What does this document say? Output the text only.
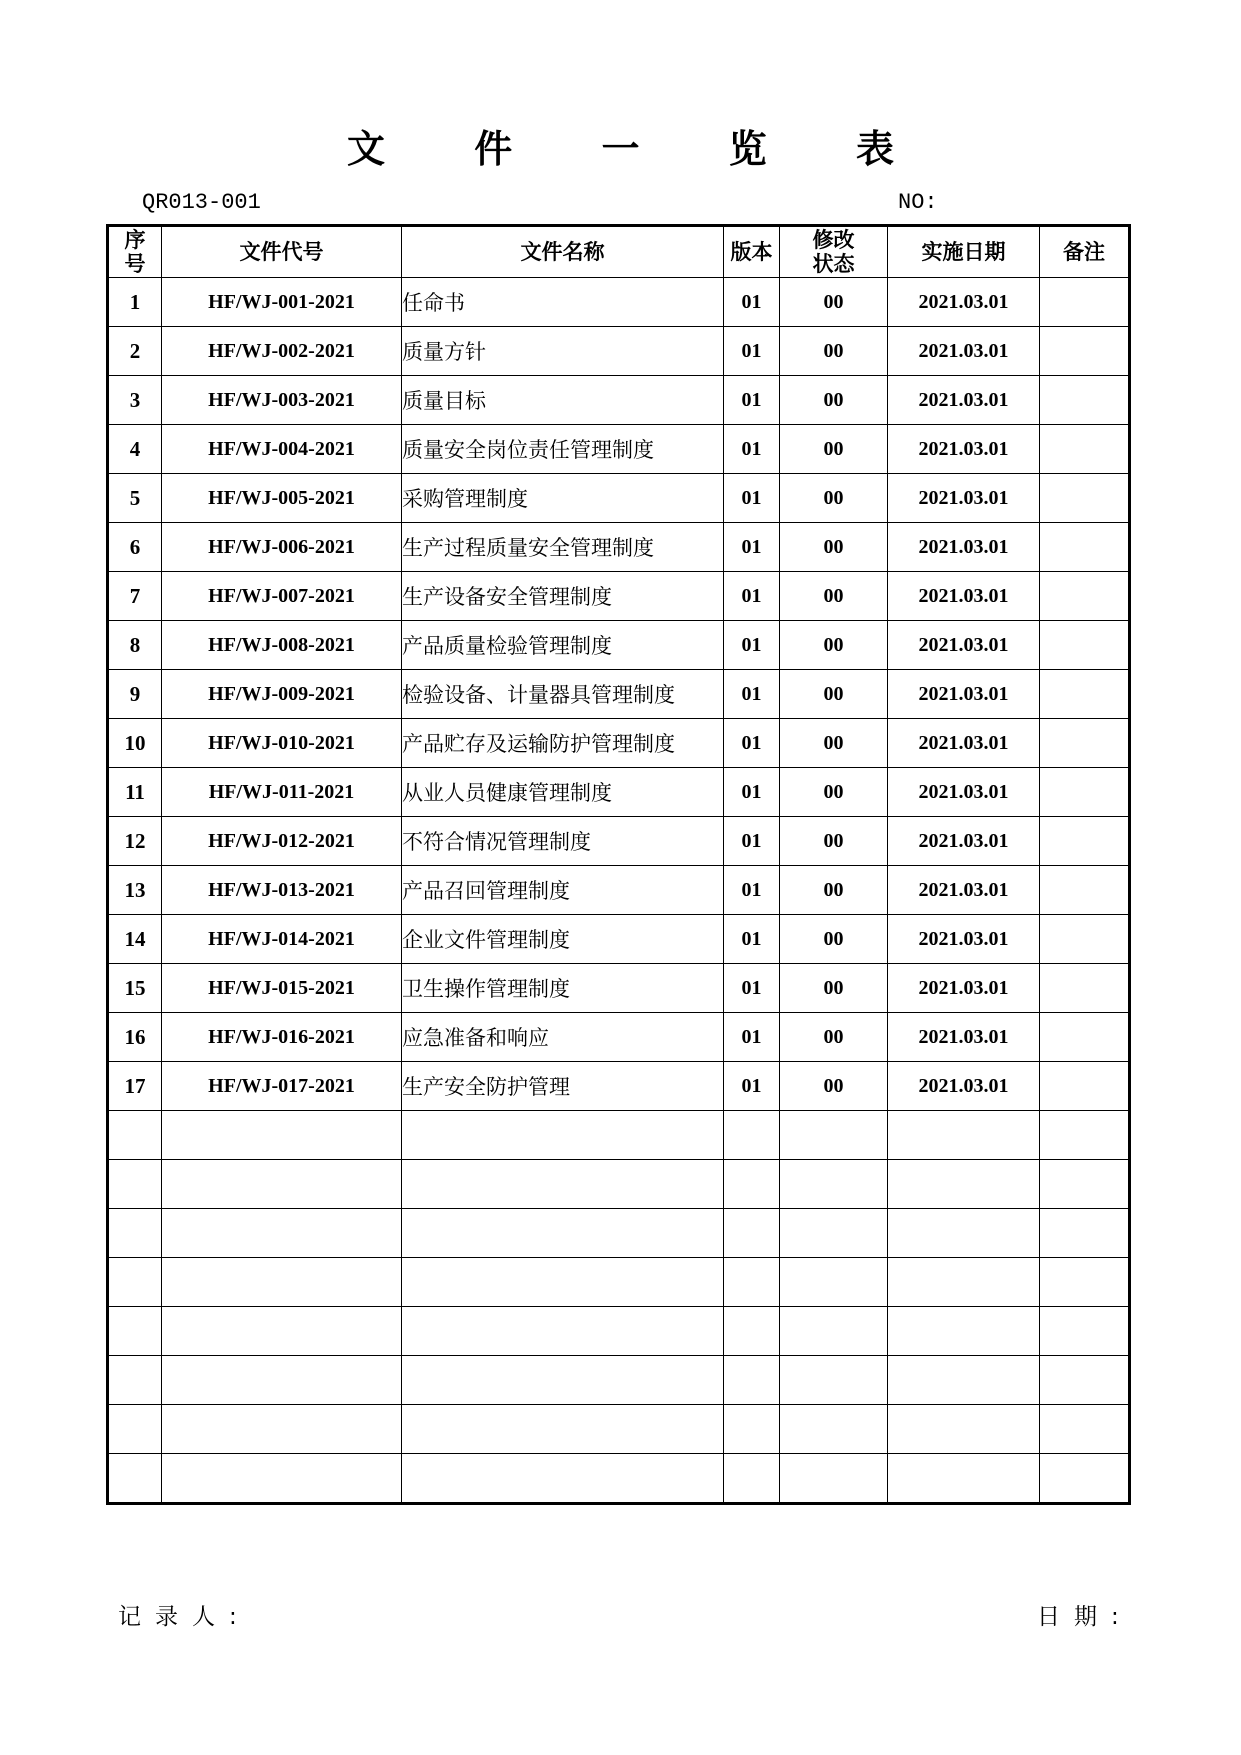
文 件 一 览 表
QR013-001	NO:
序号	文件代号	文件名称	版本	修改状态	实施日期	备注
1	HF/WJ-001-2021	任命书	01	00	2021.03.01	
2	HF/WJ-002-2021	质量方针	01	00	2021.03.01	
3	HF/WJ-003-2021	质量目标	01	00	2021.03.01	
4	HF/WJ-004-2021	质量安全岗位责任管理制度	01	00	2021.03.01	
5	HF/WJ-005-2021	采购管理制度	01	00	2021.03.01	
6	HF/WJ-006-2021	生产过程质量安全管理制度	01	00	2021.03.01	
7	HF/WJ-007-2021	生产设备安全管理制度	01	00	2021.03.01	
8	HF/WJ-008-2021	产品质量检验管理制度	01	00	2021.03.01	
9	HF/WJ-009-2021	检验设备、计量器具管理制度	01	00	2021.03.01	
10	HF/WJ-010-2021	产品贮存及运输防护管理制度	01	00	2021.03.01	
11	HF/WJ-011-2021	从业人员健康管理制度	01	00	2021.03.01	
12	HF/WJ-012-2021	不符合情况管理制度	01	00	2021.03.01	
13	HF/WJ-013-2021	产品召回管理制度	01	00	2021.03.01	
14	HF/WJ-014-2021	企业文件管理制度	01	00	2021.03.01	
15	HF/WJ-015-2021	卫生操作管理制度	01	00	2021.03.01	
16	HF/WJ-016-2021	应急准备和响应	01	00	2021.03.01	
17	HF/WJ-017-2021	生产安全防护管理	01	00	2021.03.01	

记录人:	日期:
